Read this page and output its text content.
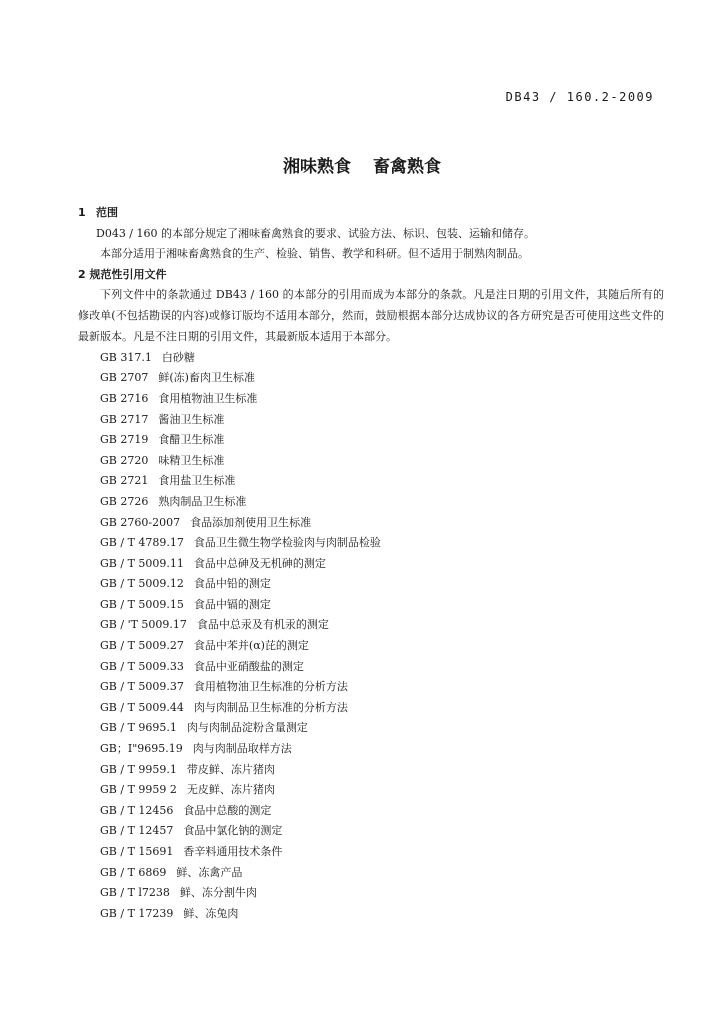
DB43 / 160.2-2009
湘味熟食 畜禽熟食
1 范围
D043 / 160 的本部分规定了湘味畜禽熟食的要求、试验方法、标识、包装、运输和储存。
本部分适用于湘味畜禽熟食的生产、检验、销售、教学和科研。但不适用于制熟肉制品。
2 规范性引用文件
下列文件中的条款通过 DB43 / 160 的本部分的引用而成为本部分的条款。凡是注日期的引用文件，其随后所有的修改单(不包括勘误的内容)或修订版均不适用本部分，然而，鼓励根据本部分达成协议的各方研究是否可使用这些文件的最新版本。凡是不注日期的引用文件，其最新版本适用于本部分。
GB 317.1 白砂糖
GB 2707 鲜(冻)畜肉卫生标准
GB 2716 食用植物油卫生标准
GB 2717 酱油卫生标准
GB 2719 食醋卫生标准
GB 2720 味精卫生标准
GB 2721 食用盐卫生标准
GB 2726 熟肉制品卫生标准
GB 2760-2007 食品添加剂使用卫生标准
GB / T 4789.17 食品卫生微生物学检验肉与肉制品检验
GB / T 5009.11 食品中总砷及无机砷的测定
GB / T 5009.12 食品中铅的测定
GB / T 5009.15 食品中镉的测定
GB / 'T 5009.17 食品中总汞及有机汞的测定
GB / T 5009.27 食品中苯并(α)芘的测定
GB / T 5009.33 食品中亚硝酸盐的测定
GB / T 5009.37 食用植物油卫生标准的分析方法
GB / T 5009.44 肉与肉制品卫生标准的分析方法
GB / T 9695.1 肉与肉制品淀粉含量测定
GB；I"9695.19 肉与肉制品取样方法
GB / T 9959.1 带皮鲜、冻片猪肉
GB / T 9959 2 无皮鲜、冻片猪肉
GB / T 12456 食品中总酸的测定
GB / T 12457 食品中氯化钠的测定
GB / T 15691 香辛料通用技术条件
GB / T 6869 鲜、冻禽产品
GB / T l7238 鲜、冻分割牛肉
GB / T 17239 鲜、冻兔肉
